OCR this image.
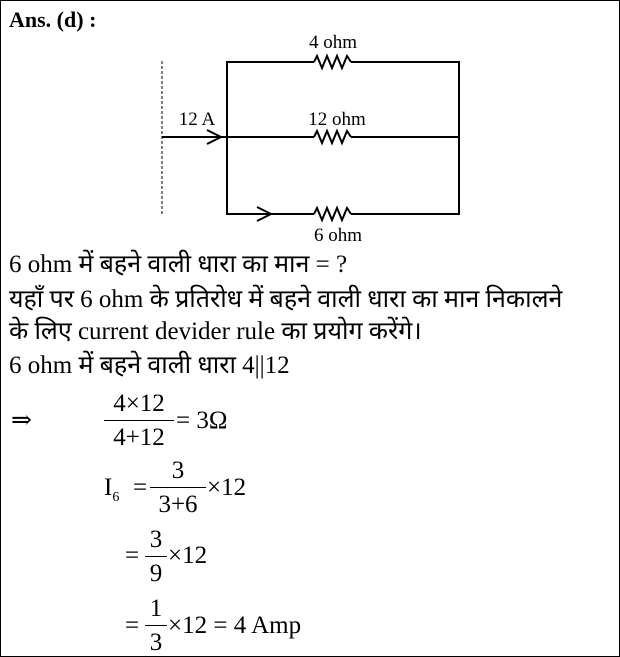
Ans. (d) :
4 ohm
12 ohm
6 ohm
12 A
6 ohm में बहने वाली धारा का मान = ?
यहाँ पर 6 ohm के प्रतिरोध में बहने वाली धारा का मान निकालने
के लिए current devider rule का प्रयोग करेंगे।
6 ohm में बहने वाली धारा 4||12
⇒
4×12
4+12
= 3Ω
$I_6$ =
3
3+6
×12
=
3
9
×12
=
1
3
×12 = 4 Amp
